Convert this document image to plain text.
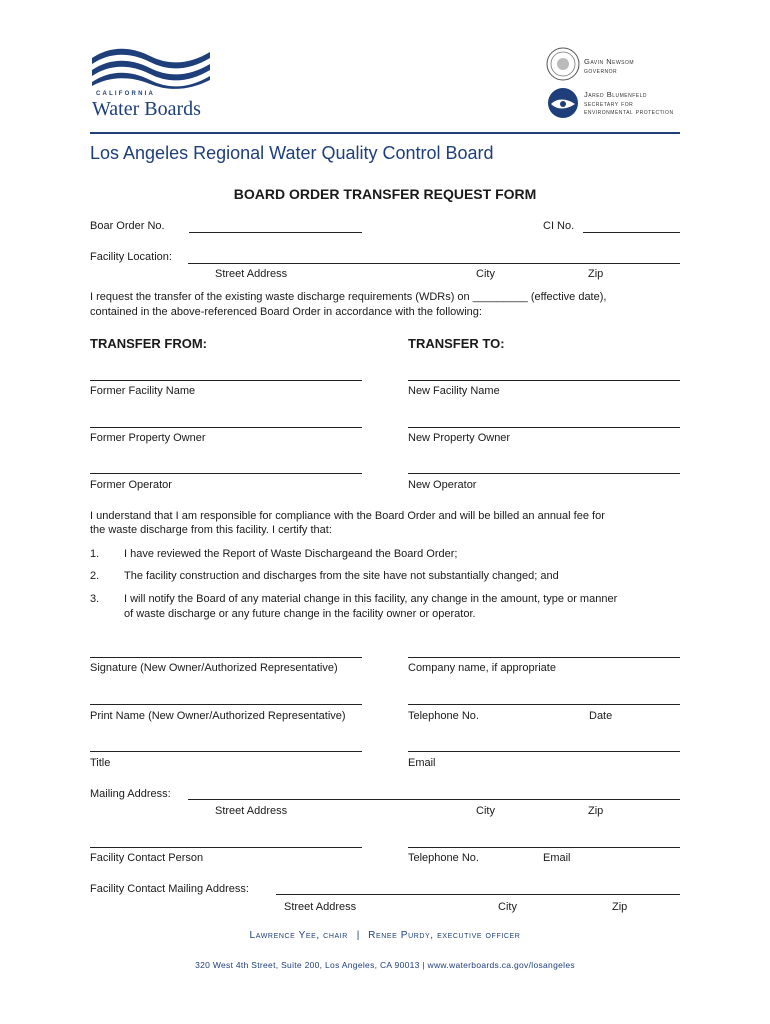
CALIFORNIA
Water Boards
Gavin Newsom
governor
Jared Blumenfeld
secretary for
environmental protection
Los Angeles Regional Water Quality Control Board
BOARD ORDER TRANSFER REQUEST FORM
Boar Order No.	CI No.
Facility Location:
Street Address	City	Zip
I request the transfer of the existing waste discharge requirements (WDRs) on _________ (effective date),
contained in the above-referenced Board Order in accordance with the following:
TRANSFER FROM:	TRANSFER TO:
Former Facility Name	New Facility Name
Former Property Owner	New Property Owner
Former Operator	New Operator
I understand that I am responsible for compliance with the Board Order and will be billed an annual fee for
the waste discharge from this facility. I certify that:
1. I have reviewed the Report of Waste Dischargeand the Board Order;
2. The facility construction and discharges from the site have not substantially changed; and
3. I will notify the Board of any material change in this facility, any change in the amount, type or manner
of waste discharge or any future change in the facility owner or operator.
Signature (New Owner/Authorized Representative)	Company name, if appropriate
Print Name (New Owner/Authorized Representative)	Telephone No.	Date
Title	Email
Mailing Address:
Street Address	City	Zip
Facility Contact Person	Telephone No.	Email
Facility Contact Mailing Address:
Street Address	City	Zip
Lawrence Yee, chair | Renee Purdy, executive officer
320 West 4th Street, Suite 200, Los Angeles, CA 90013 | www.waterboards.ca.gov/losangeles
